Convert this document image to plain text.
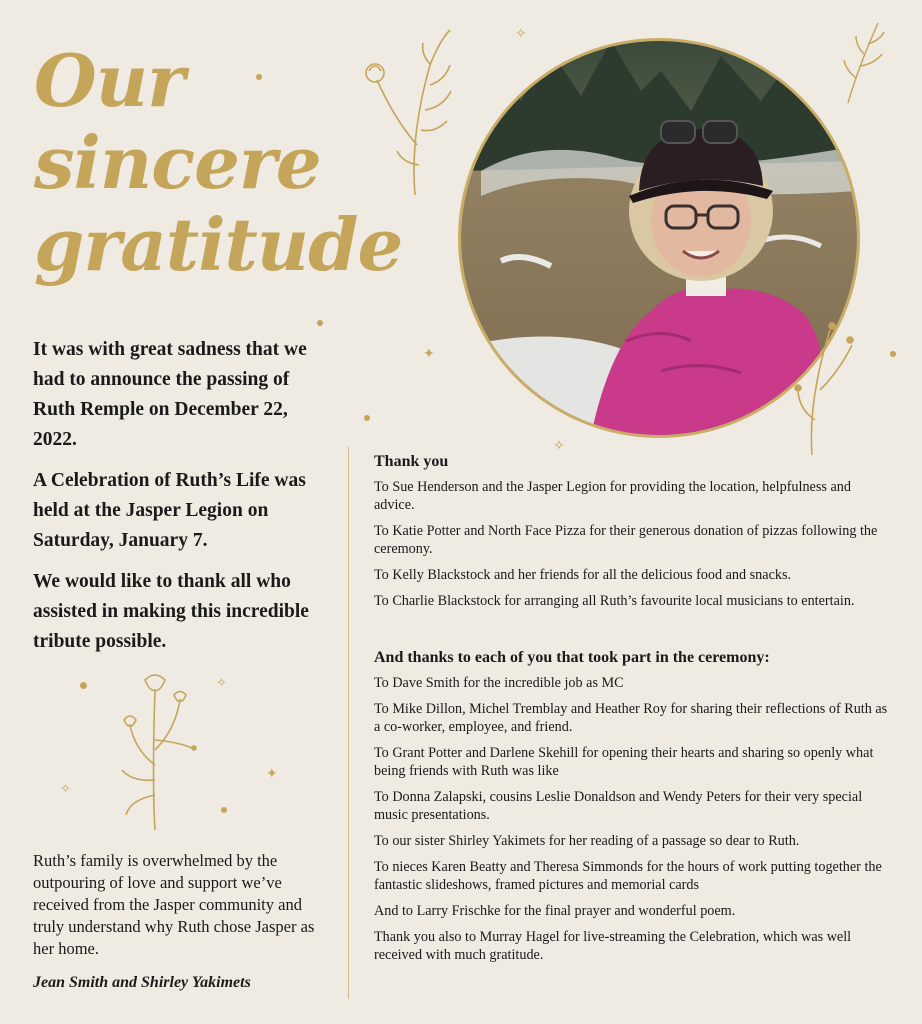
Our
sincere
gratitude

It was with great sadness that we had to announce the passing of Ruth Remple on December 22, 2022.

A Celebration of Ruth’s Life was held at the Jasper Legion on Saturday, January 7.

We would like to thank all who assisted in making this incredible tribute possible.

Ruth’s family is overwhelmed by the outpouring of love and support we’ve received from the Jasper community and truly understand why Ruth chose Jasper as her home.

Jean Smith and Shirley Yakimets

Thank you

To Sue Henderson and the Jasper Legion for providing the location, helpfulness and advice.

To Katie Potter and North Face Pizza for their generous donation of pizzas following the ceremony.

To Kelly Blackstock and her friends for all the delicious food and snacks.

To Charlie Blackstock for arranging all Ruth’s favourite local musicians to entertain.

And thanks to each of you that took part in the ceremony:

To Dave Smith for the incredible job as MC

To Mike Dillon, Michel Tremblay and Heather Roy for sharing their reflections of Ruth as a co-worker, employee, and friend.

To Grant Potter and Darlene Skehill for opening their hearts and sharing so openly what being friends with Ruth was like

To Donna Zalapski, cousins Leslie Donaldson and Wendy Peters for their very special music presentations.

To our sister Shirley Yakimets for her reading of a passage so dear to Ruth.

To nieces Karen Beatty and Theresa Simmonds for the hours of work putting together the fantastic slideshows, framed pictures and memorial cards

And to Larry Frischke for the final prayer and wonderful poem.

Thank you also to Murray Hagel for live-streaming the Celebration, which was well received with much gratitude.

✧
✧
✦
✧
✦
✧
